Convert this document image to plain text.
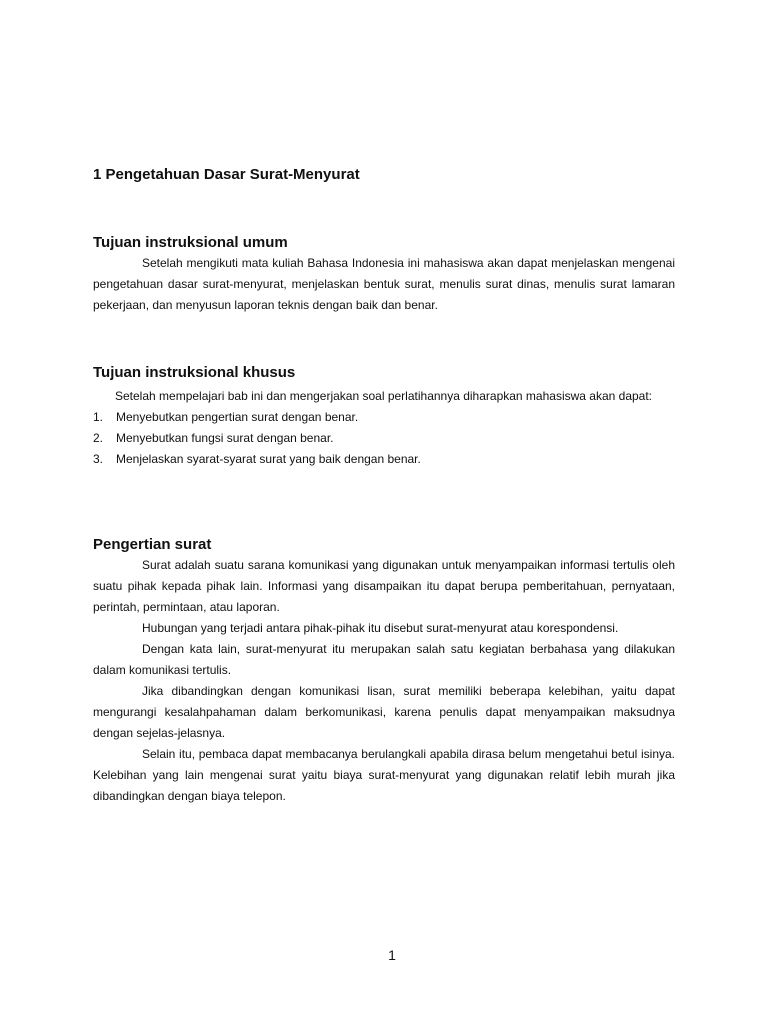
1 Pengetahuan Dasar Surat-Menyurat
Tujuan instruksional umum

Setelah mengikuti mata kuliah Bahasa Indonesia ini mahasiswa akan dapat menjelaskan mengenai pengetahuan dasar surat-menyurat, menjelaskan bentuk surat, menulis surat dinas, menulis surat lamaran pekerjaan, dan menyusun laporan teknis dengan baik dan benar.

Tujuan instruksional khusus

Setelah mempelajari bab ini dan mengerjakan soal perlatihannya diharapkan mahasiswa akan dapat:

1.	Menyebutkan pengertian surat dengan benar.
2.	Menyebutkan fungsi surat dengan benar.
3.	Menjelaskan syarat-syarat surat yang baik dengan benar.
Pengertian surat

Surat adalah suatu sarana komunikasi yang digunakan untuk menyampaikan informasi tertulis oleh suatu pihak kepada pihak lain. Informasi yang disampaikan itu dapat berupa pemberitahuan, pernyataan, perintah, permintaan, atau laporan.

Hubungan yang terjadi antara pihak-pihak itu disebut surat-menyurat atau korespondensi.

Dengan kata lain, surat-menyurat itu merupakan salah satu kegiatan berbahasa yang dilakukan dalam komunikasi tertulis.

Jika dibandingkan dengan komunikasi lisan, surat memiliki beberapa kelebihan, yaitu dapat mengurangi kesalahpahaman dalam berkomunikasi, karena penulis dapat menyampaikan maksudnya dengan sejelas-jelasnya.

Selain itu, pembaca dapat membacanya berulangkali apabila dirasa belum mengetahui betul isinya. Kelebihan yang lain mengenai surat yaitu biaya surat-menyurat yang digunakan relatif lebih murah jika dibandingkan dengan biaya telepon.

1
